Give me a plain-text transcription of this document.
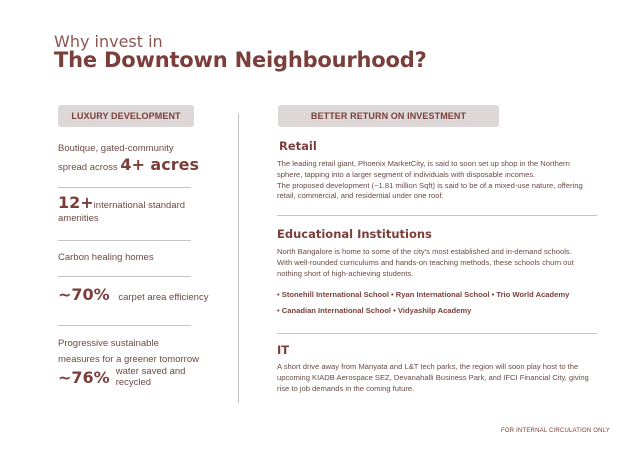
Why invest in
The Downtown Neighbourhood?
LUXURY DEVELOPMENT
Boutique, gated-community
spread across 4+ acres
12+international standard
amenities
Carbon healing homes
~70% carpet area efficiency
Progressive sustainable
measures for a greener tomorrow
~76% water saved and
recycled
BETTER RETURN ON INVESTMENT
Retail
The leading retail giant, Phoenix MarketCity, is said to soon set up shop in the Northern
sphere, tapping into a larger segment of individuals with disposable incomes.
The proposed development (~1.81 million Sqft) is said to be of a mixed-use nature, offering
retail, commercial, and residential under one roof.
Educational Institutions
North Bangalore is home to some of the city's most established and in-demand schools.
With well-rounded curriculums and hands-on teaching methods, these schools churn out
nothing short of high-achieving students.
• Stonehill International School • Ryan International School • Trio World Academy
• Canadian International School • Vidyashilp Academy
IT
A short drive away from Manyata and L&T tech parks, the region will soon play host to the
upcoming KIADB Aerospace SEZ, Devanahalli Business Park, and IFCI Financial City, giving
rise to job demands in the coming future.
FOR INTERNAL CIRCULATION ONLY
